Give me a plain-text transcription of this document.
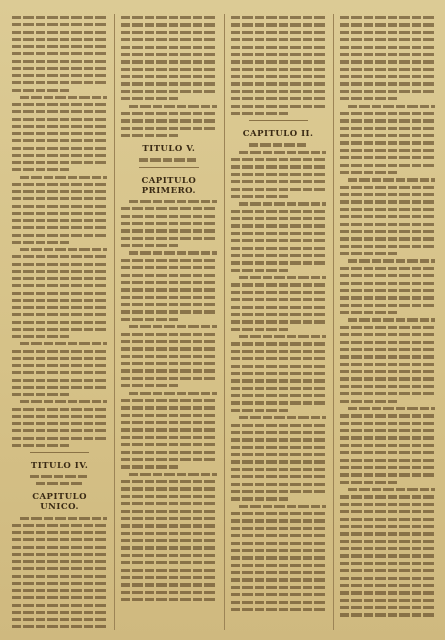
TITULO IV.
CAPITULO UNICO.
TITULO V.
CAPITULO PRIMERO.
CAPITULO II.
